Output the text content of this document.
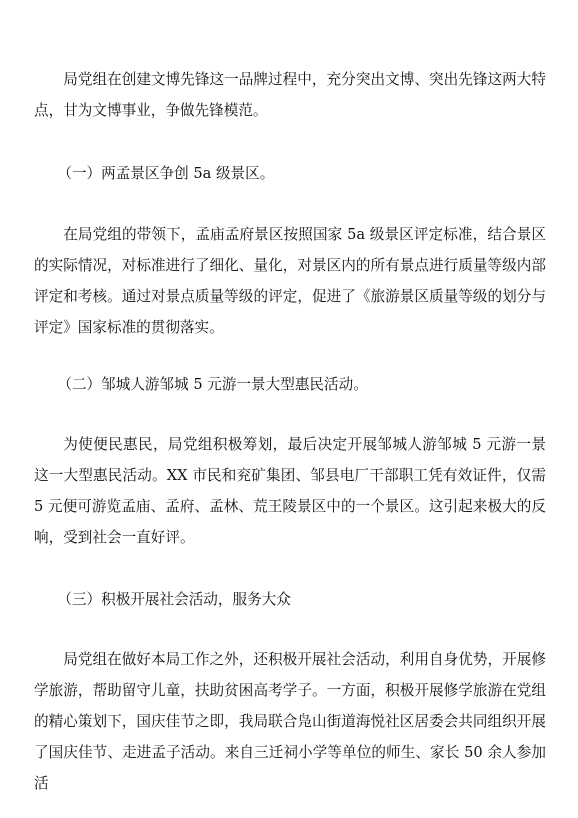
局党组在创建文博先锋这一品牌过程中，充分突出文博、突出先锋这两大特点，甘为文博事业，争做先锋模范。

（一）两孟景区争创 5a 级景区。

在局党组的带领下，孟庙孟府景区按照国家 5a 级景区评定标准，结合景区的实际情况，对标准进行了细化、量化，对景区内的所有景点进行质量等级内部评定和考核。通过对景点质量等级的评定，促进了《旅游景区质量等级的划分与评定》国家标准的贯彻落实。

（二）邹城人游邹城 5 元游一景大型惠民活动。

为使便民惠民，局党组积极筹划，最后决定开展邹城人游邹城 5 元游一景这一大型惠民活动。XX 市民和兖矿集团、邹县电厂干部职工凭有效证件，仅需 5 元便可游览孟庙、孟府、孟林、荒王陵景区中的一个景区。这引起来极大的反响，受到社会一直好评。

（三）积极开展社会活动，服务大众

局党组在做好本局工作之外，还积极开展社会活动，利用自身优势，开展修学旅游，帮助留守儿童，扶助贫困高考学子。一方面，积极开展修学旅游在党组的精心策划下，国庆佳节之即，我局联合凫山街道海悦社区居委会共同组织开展了国庆佳节、走进孟子活动。来自三迁祠小学等单位的师生、家长 50 余人参加活
